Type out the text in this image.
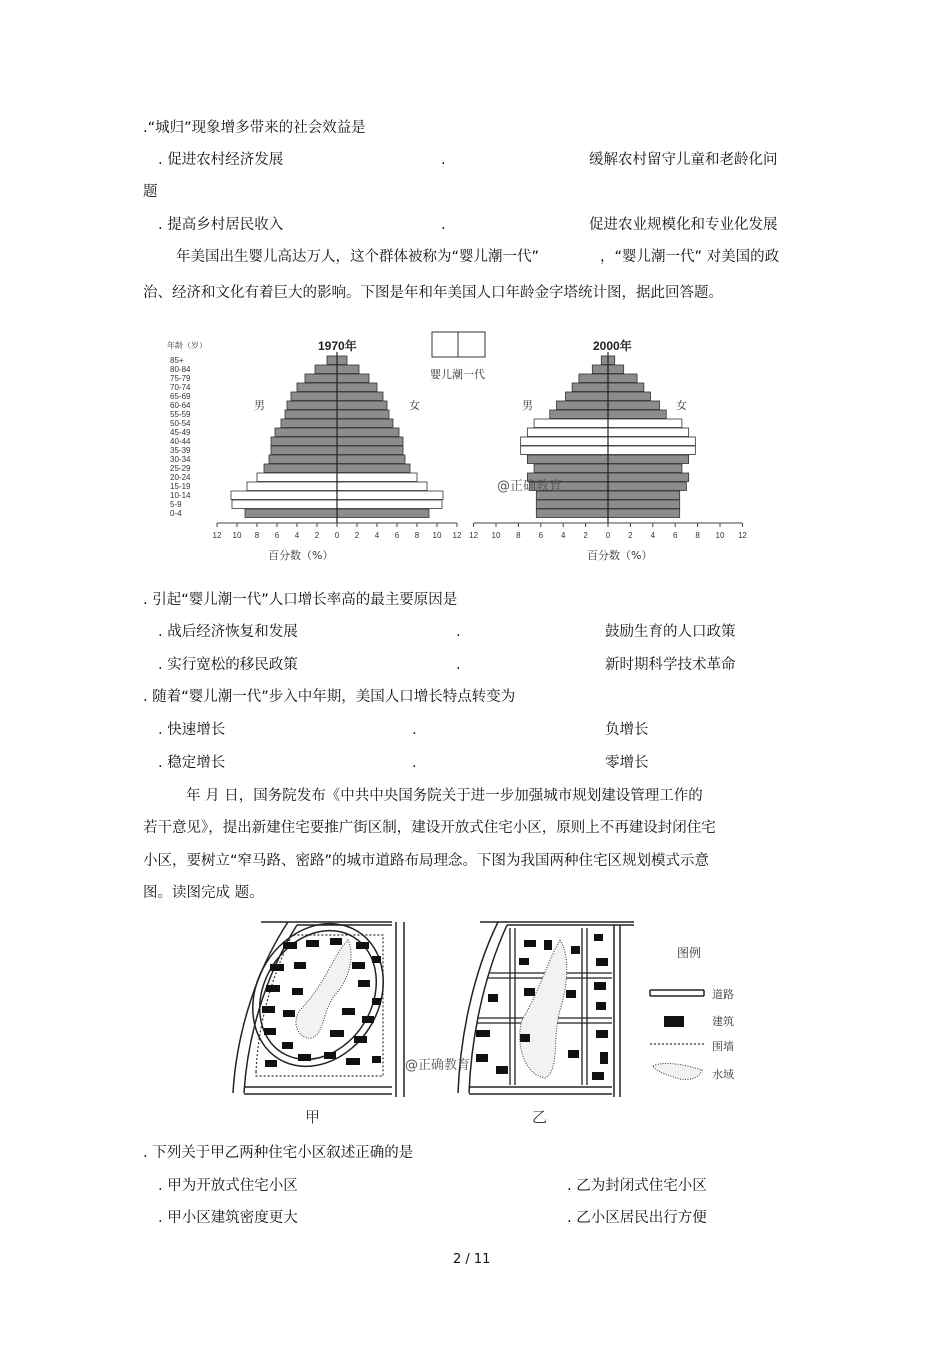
.“城归”现象增多带来的社会效益是
. 促进农村经济发展	.	缓解农村留守儿童和老龄化问
题
. 提高乡村居民收入	.	促进农业规模化和专业化发展
年美国出生婴儿高达万人，这个群体被称为“婴儿潮一代”	，“婴儿潮一代” 对美国的政
治、经济和文化有着巨大的影响。下图是年和年美国人口年龄金字塔统计图，据此回答题。
85+
80-84
75-79
70-74
65-69
60-64
55-59
50-54
45-49
40-44
35-39
30-34
25-29
20-24
15-19
10-14
5-9
0-4
12 10 8 6 4 2 0 2 4 6 8 10 12 12 10 8 6 4 2 0 2 4 6 8 10 12
年龄（岁）	1970年	2000年
婴儿潮一代
男	女	男	女
百分数（%）	百分数（%）
@正确教育
. 引起“婴儿潮一代”人口增长率高的最主要原因是
. 战后经济恢复和发展	.	鼓励生育的人口政策
. 实行宽松的移民政策	.	新时期科学技术革命
. 随着“婴儿潮一代”步入中年期，美国人口增长特点转变为
. 快速增长	.	负增长
. 稳定增长	.	零增长
年 月 日，国务院发布《中共中央国务院关于进一步加强城市规划建设管理工作的
若干意见》，提出新建住宅要推广街区制，建设开放式住宅小区，原则上不再建设封闭住宅
小区，要树立“窄马路、密路”的城市道路布局理念。下图为我国两种住宅区规划模式示意
图。读图完成 题。
甲	乙
@正确教育
图例
道路
建筑
围墙
水域
. 下列关于甲乙两种住宅小区叙述正确的是
. 甲为开放式住宅小区	. 乙为封闭式住宅小区
. 甲小区建筑密度更大	. 乙小区居民出行方便
2 / 11
